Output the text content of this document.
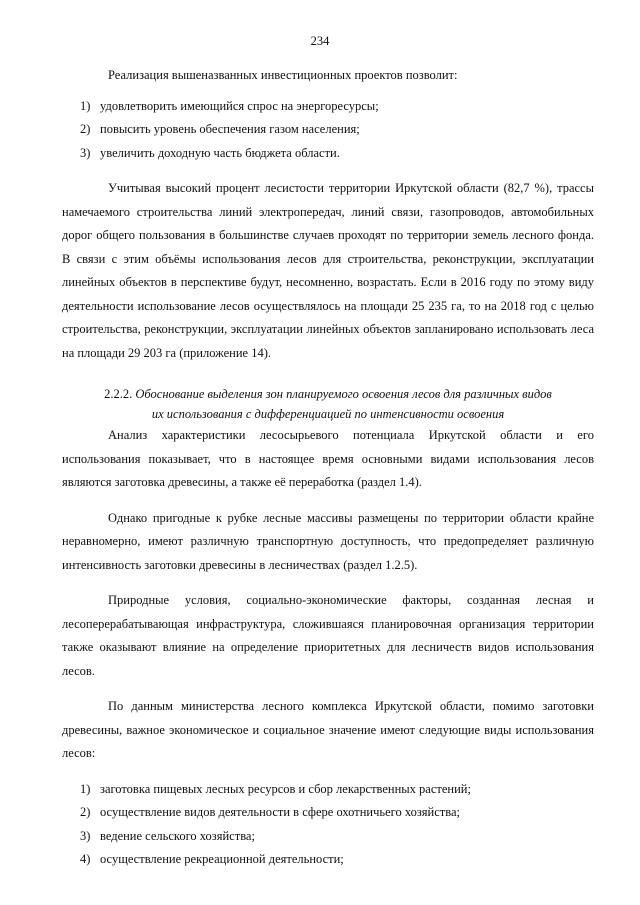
234

Реализация вышеназванных инвестиционных проектов позволит:

1) удовлетворить имеющийся спрос на энергоресурсы;
2) повысить уровень обеспечения газом населения;
3) увеличить доходную часть бюджета области.

Учитывая высокий процент лесистости территории Иркутской области (82,7 %), трассы намечаемого строительства линий электропередач, линий связи, газопроводов, автомобильных дорог общего пользования в большинстве случаев проходят по территории земель лесного фонда. В связи с этим объёмы использования лесов для строительства, реконструкции, эксплуатации линейных объектов в перспективе будут, несомненно, возрастать. Если в 2016 году по этому виду деятельности использование лесов осуществлялось на площади 25 235 га, то на 2018 год с целью строительства, реконструкции, эксплуатации линейных объектов запланировано использовать леса на площади 29 203 га (приложение 14).

2.2.2. Обоснование выделения зон планируемого освоения лесов для различных видов
их использования с дифференциацией по интенсивности освоения

Анализ характеристики лесосырьевого потенциала Иркутской области и его использования показывает, что в настоящее время основными видами использования лесов являются заготовка древесины, а также её переработка (раздел 1.4).

Однако пригодные к рубке лесные массивы размещены по территории области крайне неравномерно, имеют различную транспортную доступность, что предопределяет различную интенсивность заготовки древесины в лесничествах (раздел 1.2.5).

Природные условия, социально-экономические факторы, созданная лесная и лесоперерабатывающая инфраструктура, сложившаяся планировочная организация территории также оказывают влияние на определение приоритетных для лесничеств видов использования лесов.

По данным министерства лесного комплекса Иркутской области, помимо заготовки древесины, важное экономическое и социальное значение имеют следующие виды использования лесов:

1) заготовка пищевых лесных ресурсов и сбор лекарственных растений;
2) осуществление видов деятельности в сфере охотничьего хозяйства;
3) ведение сельского хозяйства;
4) осуществление рекреационной деятельности;
